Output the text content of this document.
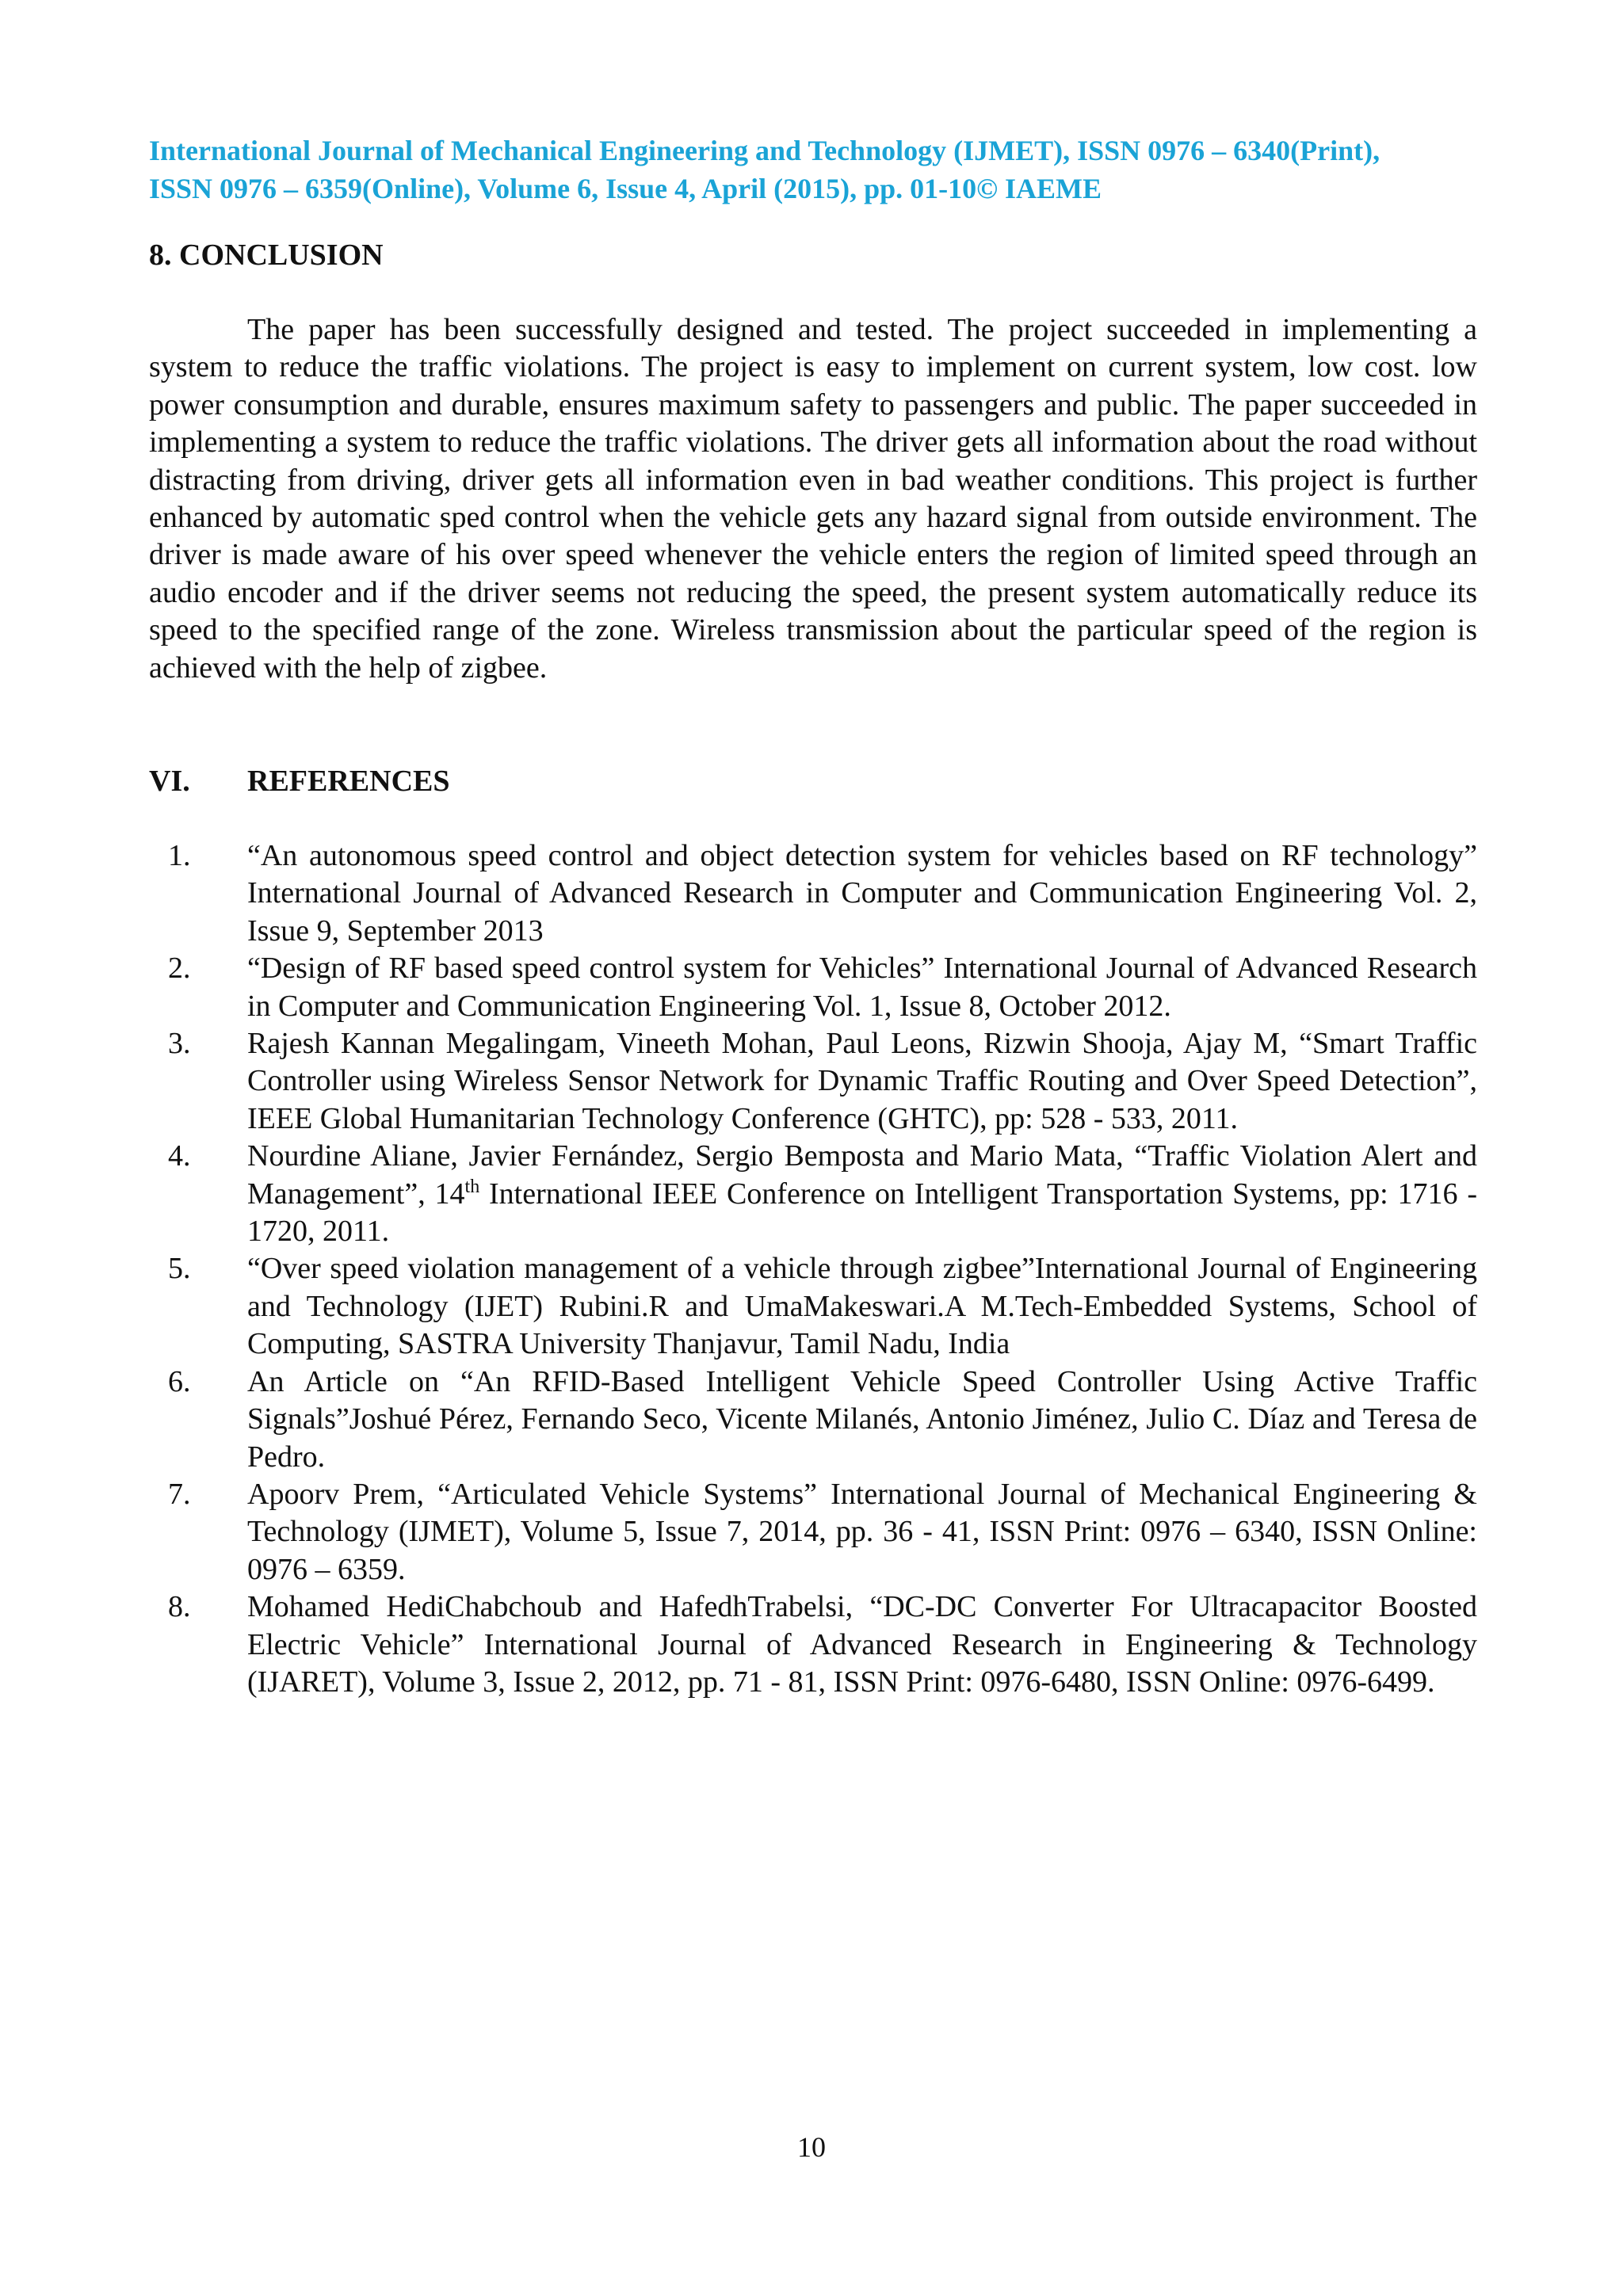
International Journal of Mechanical Engineering and Technology (IJMET), ISSN 0976 – 6340(Print),
ISSN 0976 – 6359(Online), Volume 6, Issue 4, April (2015), pp. 01-10© IAEME
8. CONCLUSION

The paper has been successfully designed and tested. The project succeeded in implementing a system to reduce the traffic violations. The project is easy to implement on current system, low cost. low power consumption and durable, ensures maximum safety to passengers and public. The paper succeeded in implementing a system to reduce the traffic violations. The driver gets all information about the road without distracting from driving, driver gets all information even in bad weather conditions. This project is further enhanced by automatic sped control when the vehicle gets any hazard signal from outside environment. The driver is made aware of his over speed whenever the vehicle enters the region of limited speed through an audio encoder and if the driver seems not reducing the speed, the present system automatically reduce its speed to the specified range of the zone. Wireless transmission about the particular speed of the region is achieved with the help of zigbee.

VI. REFERENCES
1. “An autonomous speed control and object detection system for vehicles based on RF technology” International Journal of Advanced Research in Computer and Communication Engineering Vol. 2, Issue 9, September 2013
2. “Design of RF based speed control system for Vehicles” International Journal of Advanced Research in Computer and Communication Engineering Vol. 1, Issue 8, October 2012.
3. Rajesh Kannan Megalingam, Vineeth Mohan, Paul Leons, Rizwin Shooja, Ajay M, “Smart Traffic Controller using Wireless Sensor Network for Dynamic Traffic Routing and Over Speed Detection”, IEEE Global Humanitarian Technology Conference (GHTC), pp: 528 - 533, 2011.
4. Nourdine Aliane, Javier Fernández, Sergio Bemposta and Mario Mata, “Traffic Violation Alert and Management”, 14th International IEEE Conference on Intelligent Transportation Systems, pp: 1716 - 1720, 2011.
5. “Over speed violation management of a vehicle through zigbee”International Journal of Engineering and Technology (IJET) Rubini.R and UmaMakeswari.A M.Tech-Embedded Systems, School of Computing, SASTRA University Thanjavur, Tamil Nadu, India
6. An Article on “An RFID-Based Intelligent Vehicle Speed Controller Using Active Traffic Signals”Joshué Pérez, Fernando Seco, Vicente Milanés, Antonio Jiménez, Julio C. Díaz and Teresa de Pedro.
7. Apoorv Prem, “Articulated Vehicle Systems” International Journal of Mechanical Engineering & Technology (IJMET), Volume 5, Issue 7, 2014, pp. 36 - 41, ISSN Print: 0976 – 6340, ISSN Online: 0976 – 6359.
8. Mohamed HediChabchoub and HafedhTrabelsi, “DC-DC Converter For Ultracapacitor Boosted Electric Vehicle” International Journal of Advanced Research in Engineering & Technology (IJARET), Volume 3, Issue 2, 2012, pp. 71 - 81, ISSN Print: 0976-6480, ISSN Online: 0976-6499.
10
